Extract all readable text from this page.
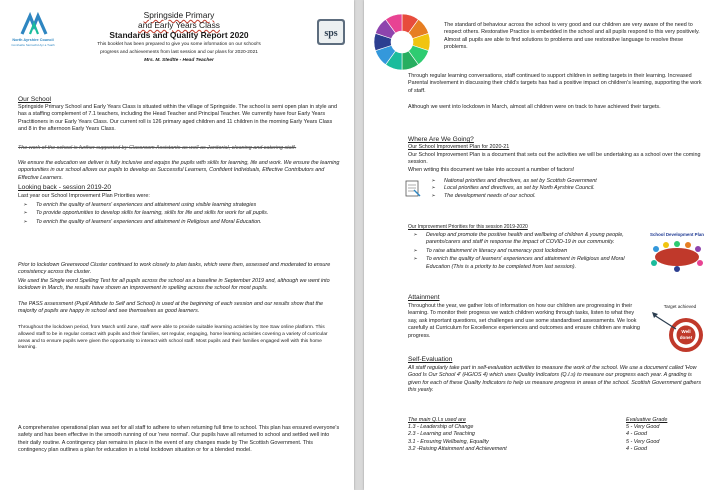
North Ayrshire Council
Comhairle Siorrachd Ayr a Tuath
Springside Primary
and Early Years Class
Standards and Quality Report 2020
This booklet has been prepared to give you some information on our school's
progress and achievements from last session and our plans for 2020-2021
Mrs. M. Stedtte - Head Teacher
sps
Our School

Springside Primary School and Early Years Class is situated within the village of Springside. The school is semi open plan in style and has a staffing complement of 7.1 teachers, including the Head Teacher and Principal Teacher. We currently have four Early Years Practitioners in our Early Years Class. Our current roll is 126 primary aged children and 11 children in the morning Early Years Class and 8 in the afternoon Early Years Class.

The work of the school is further supported by Classroom Assistants as well as Janitorial, cleaning and catering staff.

We ensure the education we deliver is fully inclusive and equips the pupils with skills for learning, life and work. We ensure the learning opportunities in our school allows our pupils to develop as Successful Learners, Confident Individuals, Effective Contributors and Effective Learners.

Looking back - session 2019-20

Last year our School Improvement Plan Priorities were:

➢ To enrich the quality of learners' experiences and attainment using visible learning strategies
➢ To provide opportunities to develop skills for learning, skills for life and skills for work for all pupils.
➢ To enrich the quality of learners' experiences and attainment in Religious and Moral Education.

Prior to lockdown Greenwood Cluster continued to work closely to plan tasks, which were then, assessed and moderated to ensure consistency across the cluster.

We used the Single word Spelling Test for all pupils across the school as a baseline in September 2019 and, although we went into lockdown in March, the results have shown an improvement in spelling across the school for most pupils.

The PASS assessment (Pupil Attitude to Self and School) is used at the beginning of each session and our results show that the majority of pupils are happy in school and see themselves as good learners.

Throughout the lockdown period, from March until June, staff were able to provide suitable learning activities by See Saw online platform. This allowed staff to be in regular contact with pupils and their families, set regular, engaging, home learning activities covering a variety of curricular areas and to ensure pupils were given the opportunity to interact with school staff. Most pupils and their families engaged well with this home learning.

A comprehensive operational plan was set for all staff to adhere to when returning full time to school. This plan has ensured everyone's safety and has been effective in the smooth running of our 'new normal'. Our pupils have all returned to school and settled well into their daily routine. A contingency plan remains in place in the event of any changes made by The Scottish Government. This contingency plan outlines a plan for education in a total lockdown situation or for a blended model.

The standard of behaviour across the school is very good and our children are very aware of the need to respect others. Restorative Practice is embedded in the school and all pupils respond to this very positively. Almost all pupils are able to find solutions to problems and use restorative language to resolve these problems.

Through regular learning conversations, staff continued to support children in setting targets in their learning. Increased Parental involvement in discussing their child's targets has had a positive impact on children's learning, supporting the work of staff.

Although we went into lockdown in March, almost all children were on track to have achieved their targets.

Where Are We Going?
Our School Improvement Plan for 2020-21

Our School Improvement Plan is a document that sets out the activities we will be undertaking as a school over the coming session.

When writing this document we take into account a number of factors!

➢ National priorities and directives, as set by Scottish Government
➢ Local priorities and directives, as set by North Ayrshire Council.
➢ The development needs of our school.
Our Improvement Priorities for this session 2019-2020
➢ Develop and promote the positive health and wellbeing of children & young people, parents/carers and staff in response the impact of COVID-19 in our community.
➢ To raise attainment in literacy and numeracy post lockdown
➢ To enrich the quality of learners' experiences and attainment in Religious and Moral Education (This is a priority to be completed from last session).
School Development Plan
Attainment

Throughout the year, we gather lots of information on how our children are progressing in their learning. To monitor their progress we watch children working through tasks, listen to what they say, ask important questions, set challenges and use some standardised assessments. We look carefully at Curriculum for Excellence experiences and outcomes and ensure children are making progress.

Target achieved
Well
done!
Self-Evaluation

All staff regularly take part in self-evaluation activities to measure the work of the school. We use a document called 'How Good Is Our School 4' (HGIOS 4) which uses Quality Indicators (Q.I.s) to measure our progress each year. A grading is given for each of these Quality Indicators to help us measure progress in areas of the school. Scottish Government gathers this yearly.

The main Q.I.s used are	Evaluative Grade
1.3 - Leadership of Change
2.3 - Learning and Teaching
3.1 - Ensuring Wellbeing, Equality
3.2 -Raising Attainment and Achievement
5 - Very Good
4 - Good
5 - Very Good
4 - Good
